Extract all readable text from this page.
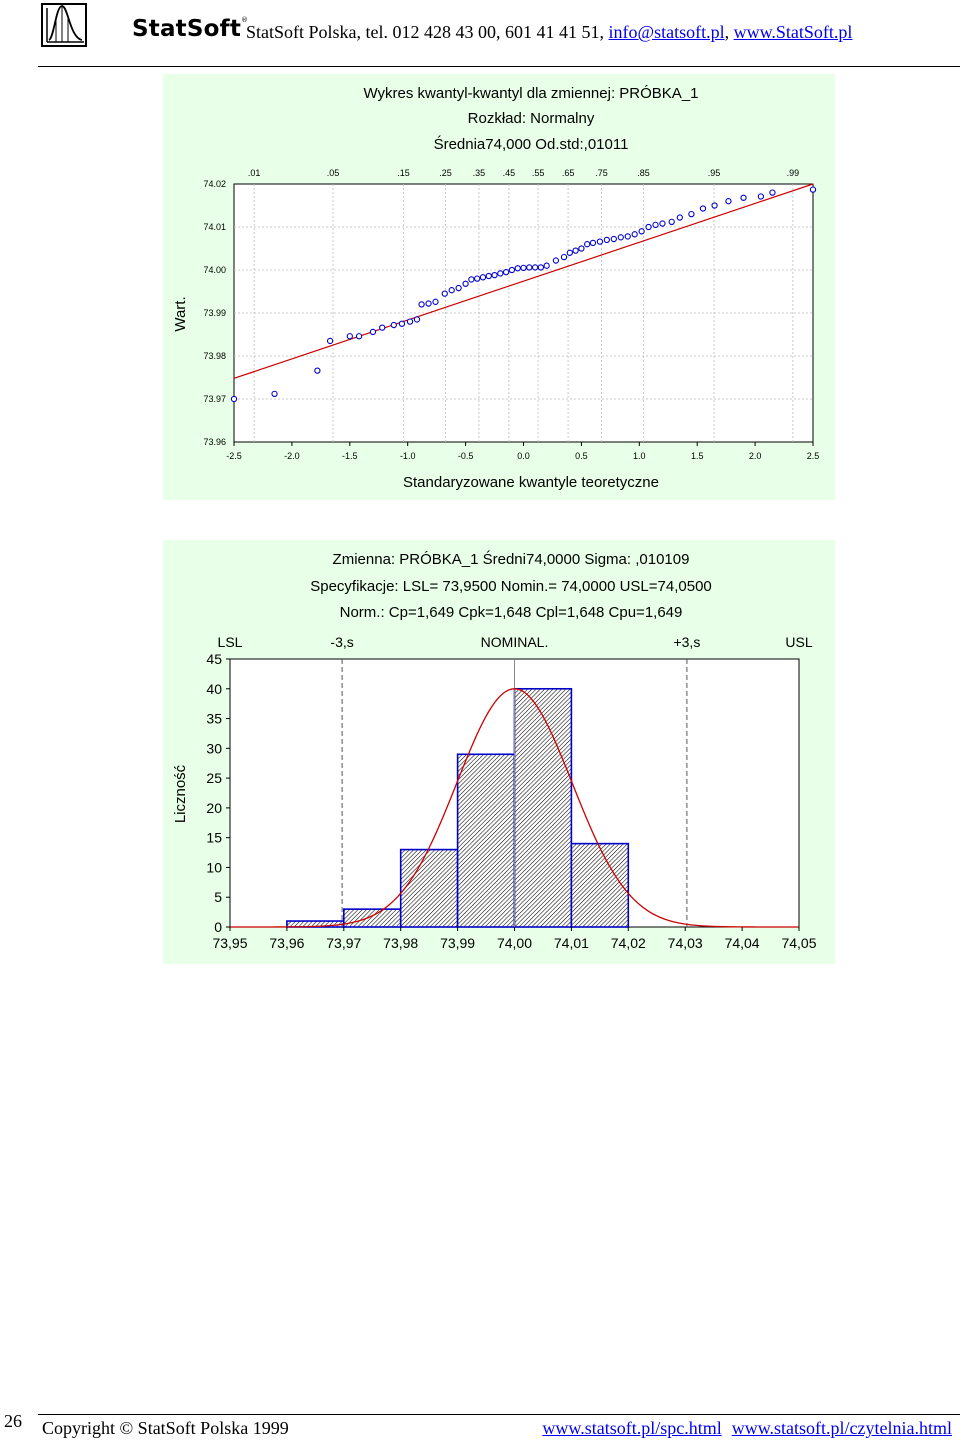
StatSoft®
StatSoft Polska, tel. 012 428 43 00, 601 41 41 51, info@statsoft.pl, www.StatSoft.pl
Wykres kwantyl-kwantyl dla zmiennej: PRÓBKA_1
Rozkład: Normalny
Średnia74,000 Od.std:,01011
.01	.05	.15	.25 .35 .45 .55 .65 .75	.85	.95	.99
73.96
73.97
73.98
73.99
74.00
74.01
74.02
-2.5	-2.0	-1.5	-1.0	-0.5	0.0	0.5	1.0	1.5	2.0	2.5
Standaryzowane kwantyle teoretyczne
Wart.
Zmienna: PRÓBKA_1 Średni74,0000 Sigma: ,010109
Specyfikacje: LSL= 73,9500 Nomin.= 74,0000 USL=74,0500
Norm.: Cp=1,649 Cpk=1,648 Cpl=1,648 Cpu=1,649
LSL	-3,s	NOMINAL.	+3,s	USL
0
5
10
15
20
25
30
35
40
45
73,95 73,96 73,97 73,98 73,99 74,00 74,01 74,02 74,03 74,04 74,05
Liczność
26 Copyright © StatSoft Polska 1999	www.statsoft.pl/spc.html www.statsoft.pl/czytelnia.html
